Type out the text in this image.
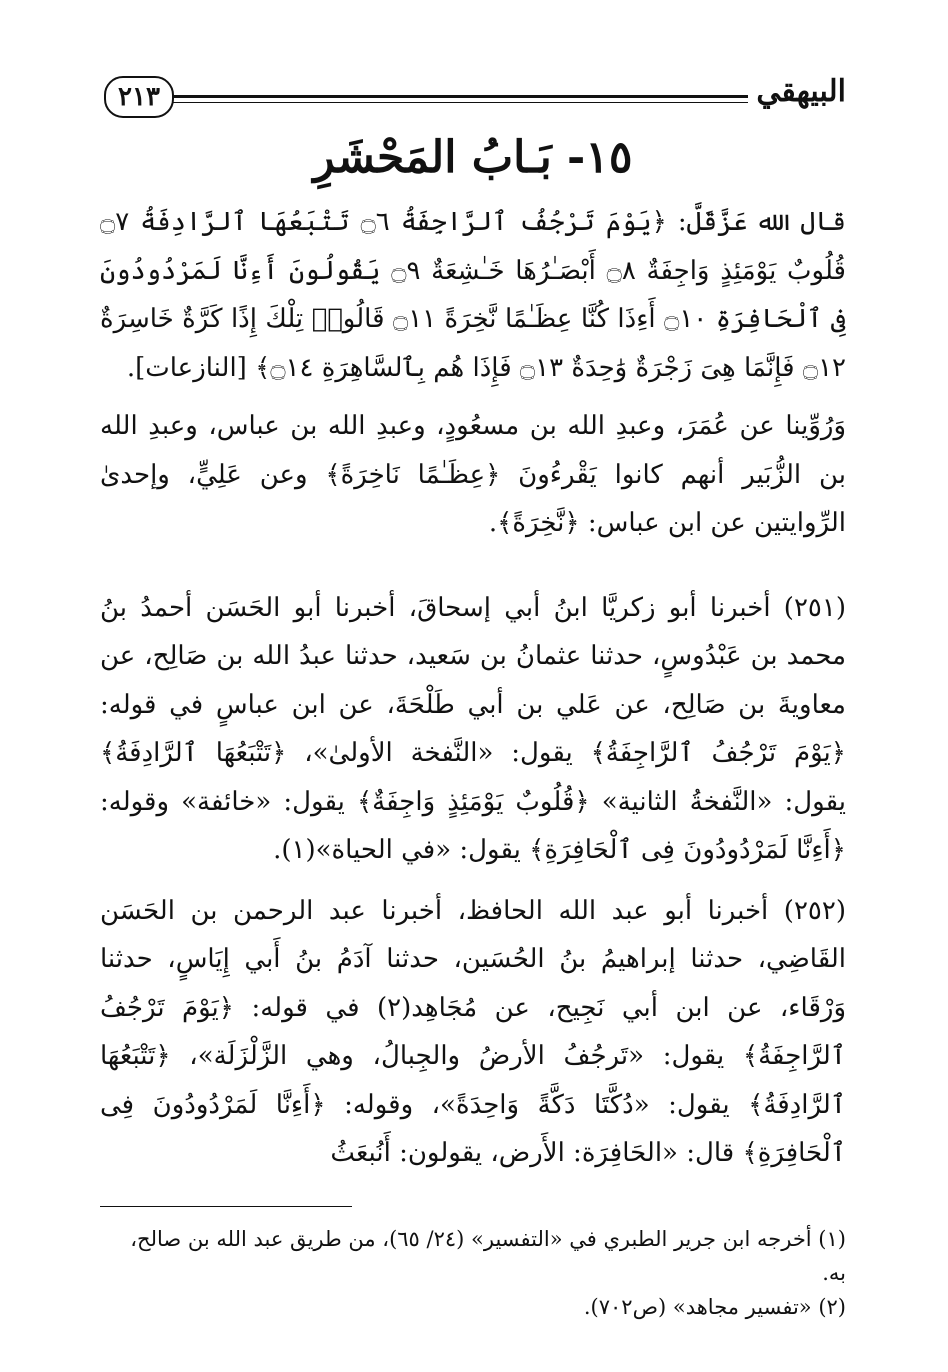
٢١٣	البيهقي
١٥- بَـابُ المَحْشَرِ

قال الله عَزَّقَلَّ: ﴿يَوْمَ تَرْجُفُ ٱلرَّاجِفَةُ ۝٦ تَتْبَعُهَا ٱلرَّادِفَةُ ۝٧ قُلُوبٌ يَوْمَئِذٍ وَاجِفَةٌ ۝٨ أَبْصَـٰرُهَا خَـٰشِعَةٌ ۝٩ يَقُولُونَ أَءِنَّا لَمَرْدُودُونَ فِى ٱلْحَافِرَةِ ۝١٠ أَءِذَا كُنَّا عِظَـٰمًا نَّخِرَةً ۝١١ قَالُوا۟ تِلْكَ إِذًا كَرَّةٌ خَاسِرَةٌ ۝١٢ فَإِنَّمَا هِىَ زَجْرَةٌ وَٰحِدَةٌ ۝١٣ فَإِذَا هُم بِٱلسَّاهِرَةِ ۝١٤﴾ [النازعات].

وَرُوِّينا عن عُمَرَ، وعبدِ الله بن مسعُودٍ، وعبدِ الله بن عباس، وعبدِ الله بن الزُّبَير أنهم كانوا يَقْرءُونَ ﴿عِظَـٰمًا نَاخِرَةً﴾ وعن عَلِيٍّ، وإحدىٰ الرِّوايتين عن ابن عباس: ﴿نَّخِرَةً﴾.

(٢٥١) أخبرنا أبو زكريَّا ابنُ أبي إسحاقَ، أخبرنا أبو الحَسَن أحمدُ بنُ محمد بن عَبْدُوسٍ، حدثنا عثمانُ بن سَعيد، حدثنا عبدُ الله بن صَالِح، عن معاويةَ بن صَالِح، عن عَلي بن أبي طَلْحَةَ، عن ابن عباسٍ في قوله: ﴿يَوْمَ تَرْجُفُ ٱلرَّاجِفَةُ﴾ يقول: «النَّفخة الأولىٰ»، ﴿تَتْبَعُهَا ٱلرَّادِفَةُ﴾ يقول: «النَّفخةُ الثانية» ﴿قُلُوبٌ يَوْمَئِذٍ وَاجِفَةٌ﴾ يقول: «خائفة» وقوله: ﴿أَءِنَّا لَمَرْدُودُونَ فِى ٱلْحَافِرَةِ﴾ يقول: «في الحياة»(١).

(٢٥٢) أخبرنا أبو عبد الله الحافظ، أخبرنا عبد الرحمن بن الحَسَن القَاضِي، حدثنا إبراهيمُ بنُ الحُسَين، حدثنا آدَمُ بنُ أَبي إِيَاسٍ، حدثنا وَرْقَاء، عن ابن أبي نَجِيح، عن مُجَاهِد(٢) في قوله: ﴿يَوْمَ تَرْجُفُ ٱلرَّاجِفَةُ﴾ يقول: «تَرجُفُ الأرضُ والجِبالُ، وهي الزَّلْزَلَة»، ﴿تَتْبَعُهَا ٱلرَّادِفَةُ﴾ يقول: «دُكَّتَا دَكَّةً وَاحِدَةً»، وقوله: ﴿أَءِنَّا لَمَرْدُودُونَ فِى ٱلْحَافِرَةِ﴾ قال: «الحَافِرَة: الأَرض، يقولون: أَنُبعَثُ

(١) أخرجه ابن جرير الطبري في «التفسير» (٢٤/ ٦٥)، من طريق عبد الله بن صالح، به.

(٢) «تفسير مجاهد» (ص٧٠٢).
